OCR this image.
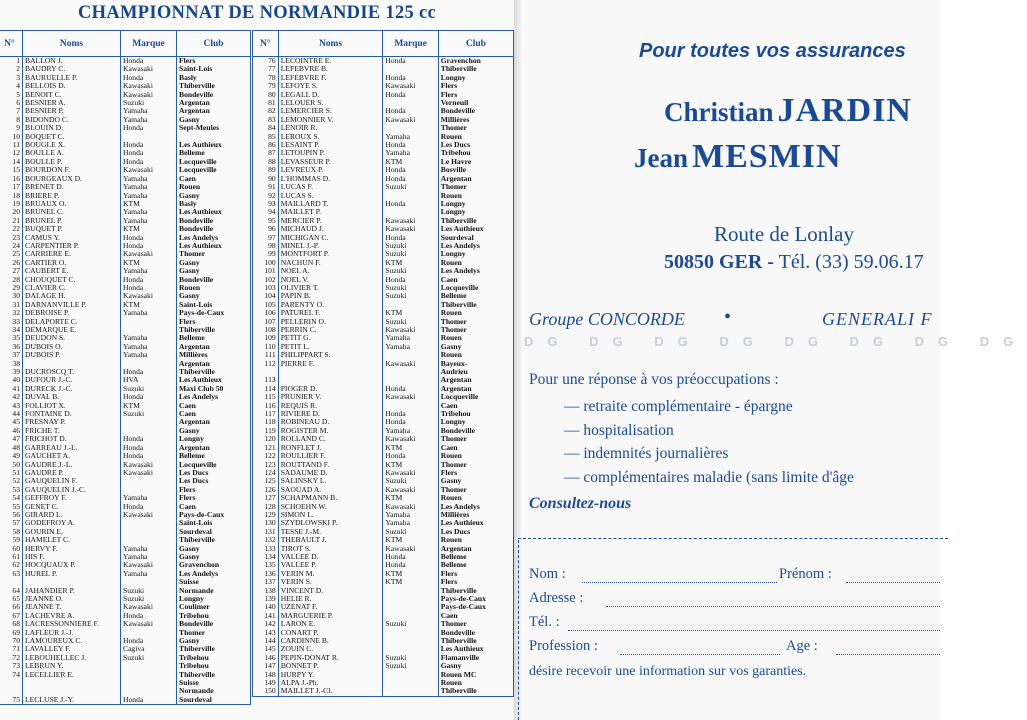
CHAMPIONNAT DE NORMANDIE 125 cc
N°	Noms	Marque	Club
1	BALLON J.	Honda	Flers
2	BAUDRY C.	Kawasaki	Saint-Lois
3	BAURUELLE P.	Honda	Basly
4	BELLOIS D.	Kawasaki	Thiberville
5	BENOIT C.	Kawasaki	Bondeville
6	BESNIER A.	Suzuki	Argentan
7	BESNIER P.	Yamaha	Argentan
8	BIDONDO C.	Yamaha	Gasny
9	BLOUIN D.	Honda	Sept-Meules
10	BOQUET C.		
11	BOUGLE X.	Honda	Les Authieux
12	BOULLE A.	Honda	Belleme
14	BOULLE P.	Honda	Locqueville
15	BOURDON F.	Kawasaki	Locqueville
16	BOURGEAUX D.	Yamaha	Caen
17	BRENET D.	Yamaha	Rouen
18	BRIERE P.	Yamaha	Gasny
19	BRUAUX O.	KTM	Basly
20	BRUNEL C.	Yamaha	Les Authieux
21	BRUNEL P.	Yamaha	Bondeville
22	BUQUET P.	KTM	Bondeville
23	CAMUS Y.	Honda	Les Andelys
24	CARPENTIER P.	Honda	Les Authieux
25	CARRIERE E.	Kawasaki	Thomer
26	CARTIER O.	KTM	Gasny
27	CAUBERT E.	Yamaha	Gasny
28	CHOUQUET C.	Honda	Bondeville
29	CLAVIER C.	Honda	Rouen
30	DALAGE H.	Kawasaki	Gasny
31	DARNANVILLE P.	KTM	Saint-Lois
32	DEBROISE P.	Yamaha	Pays-de-Caux
33	DELAPORTE C.		Flers
34	DEMARQUE E.		Thiberville
35	DEUDON S.	Yamaha	Belleme
36	DUBOIS O.	Yamaha	Argentan
37	DUBOIS P.	Yamaha	Millières
38			Argentan
39	DUCROSCQ T.	Honda	Thiberville
40	DUFOUR J.-C.	HVA	Les Authieux
41	DURECK J.-C.	Suzuki	Maxi Club 50
42	DUVAL B.	Honda	Les Andelys
43	FOLLIOT X.	KTM	Caen
44	FONTAINE D.	Suzuki	Caen
45	FRESNAY P.		Argentan
46	FRICHE T.		Gasny
47	FRICHOT D.	Honda	Longny
48	GARREAU J.-L.	Honda	Argentan
49	GAUCHET A.	Honda	Belleme
50	GAUDRE J.-L.	Kawasaki	Locqueville
51	GAUDRE P.	Kawasaki	Les Ducs
52	GAUQUELIN F.		Les Ducs
53	GAUQUELIN J.-C.		Flers
54	GEFFROY F.	Yamaha	Flers
55	GENET C.	Honda	Caen
56	GIRARD L.	Kawasaki	Pays-de-Caux
57	GODEFROY A.		Saint-Lois
58	GOURIN E.		Sourdeval
59	HAMELET C.		Thiberville
60	HERVY F.	Yamaha	Gasny
61	HIS F.	Yamaha	Gasny
62	HOCQUAUX P.	Kawasaki	Gravenchon
63	HUREL P.	Yamaha	Les Andelys
			Suisse
64	JAHANDIER P.	Suzuki	Normande
65	JEANNE O.	Suzuki	Longny
66	JEANNE T.	Kawasaki	Coulimer
67	LACHEVRE A.	Honda	Tribehou
68	LACRESSONNIERE F.	Kawasaki	Bondeville
69	LAFLEUR J.-J.		Thomer
70	LAMOUREUX C.	Honda	Gasny
71	LAVALLEY F.	Cagiva	Thiberville
72	LEBOUHELLEC J.	Suzuki	Tribehou
73	LEBRUN Y.		Tribehou
74	LECELLIER E.		Thiberville
			Suisse
			Normande
75	LECLUSE J.-Y.	Honda	Sourdeval
N°	Noms	Marque	Club
76	LECOINTRE E.	Honda	Gravenchon
77	LEFEBVRE B.		Thiberville
78	LEFEBVRE F.	Honda	Longny
79	LEFOYE S.	Kawasaki	Flers
80	LEGALL D.	Honda	Flers
81	LELOUER S.		Verneuil
82	LEMERCIER S.	Honda	Bondeville
83	LEMONNIER V.	Kawasaki	Millières
84	LENOIR R.		Thomer
85	LEROUX S.	Yamaha	Rouen
86	LESAINT P.	Honda	Les Ducs
87	LETOUPIN P.	Yamaha	Tribehou
88	LEVASSEUR P.	KTM	Le Havre
89	LEVREUX P.	Honda	Bosville
90	L'HOMMAS D.	Honda	Argentan
91	LUCAS F.	Suzuki	Thomer
92	LUCAS S.		Rouen
93	MAILLARD T.	Honda	Longny
94	MAILLET P.		Longny
95	MERCIER P.	Kawasaki	Thiberville
96	MICHAUD J.	Kawasaki	Les Authieux
97	MICHIGAN C.	Honda	Sourdeval
98	MINEL J.-P.	Suzuki	Les Andelys
99	MONTFORT P.	Suzuki	Longny
100	NACHUN F.	KTM	Rouen
101	NOEL A.	Suzuki	Les Andelys
102	NOEL V.	Honda	Caen
103	OLIVIER T.	Suzuki	Locqueville
104	PAPIN B.	Suzuki	Belleme
105	PARENTY O.		Thiberville
106	PATUREL F.	KTM	Rouen
107	PELLERIN O.	Suzuki	Thomer
108	PERRIN C.	Kawasaki	Thomer
109	PETIT G.	Yamaha	Rouen
110	PETIT L.	Yamaha	Gasny
111	PHILIPPART S.		Rouen
112	PIERRE F.	Kawasaki	Bayeux-
			Audrieu
113			Argentan
114	PIOGER D.	Honda	Argentan
115	PRUNIER V.	Kawasaki	Locqueville
116	REQUIS R.		Caen
117	RIVIERE D.	Honda	Tribehou
118	ROBINEAU D.	Honda	Longny
119	ROGISTER M.	Yamaha	Bondeville
120	ROLLAND C.	Kawasaki	Thomer
121	RONFLET J.	KTM	Caen
122	ROULLIER F.	Honda	Rouen
123	ROUTTAND F.	KTM	Thomer
124	SADAUME D.	Kawasaki	Flers
125	SALINSKY L.	Suzuki	Gasny
126	SAOUAD A.	Kawasaki	Thomer
127	SCHAPMANN B.	KTM	Rouen
128	SCHOEHN W.	Kawasaki	Les Andelys
129	SIMON L.	Yamaha	Millières
130	SZYDLOWSKI P.	Yamaha	Les Authieux
131	TESSE J.-M.	Suzuki	Les Ducs
132	THEBAULT J.	KTM	Rouen
133	TIROT S.	Kawasaki	Argentan
134	VALLEE D.	Honda	Belleme
135	VALLEE P.	Honda	Belleme
136	VERIN M.	KTM	Flers
137	VERIN S.	KTM	Flers
138	VINCENT D.		Thiberville
139	HELIE R.		Pays-de-Caux
140	UZENAT F.		Pays-de-Caux
141	MARGUERIE P.		Caen
142	LARON E.	Suzuki	Thomer
143	CONART P.		Bondeville
144	CARDINNE B.		Thiberville
145	ZOUIN C.		Les Authieux
146	PEPIN-DONAT R.	Suzuki	Flamanville
147	BONNET P.	Suzuki	Gasny
148	HURPY Y.		Rouen MC
149	ALPA J.-Ph.		Rouen
150	MAILLET J.-Cl.		Thiberville
Pour toutes vos assurances
Christian JARDIN
Jean MESMIN
Route de Lonlay
50850 GER - Tél. (33) 59.06.17
Groupe CONCORDE •	GENERALI F
DG DG DG DG DG DG DG DG
Pour une réponse à vos préoccupations :
— retraite complémentaire - épargne
— hospitalisation
— indemnités journalières
— complémentaires maladie (sans limite d'âge
Consultez-nous
Nom :	Prénom :
Adresse :
Tél. :
Profession :	Age :
désire recevoir une information sur vos garanties.
